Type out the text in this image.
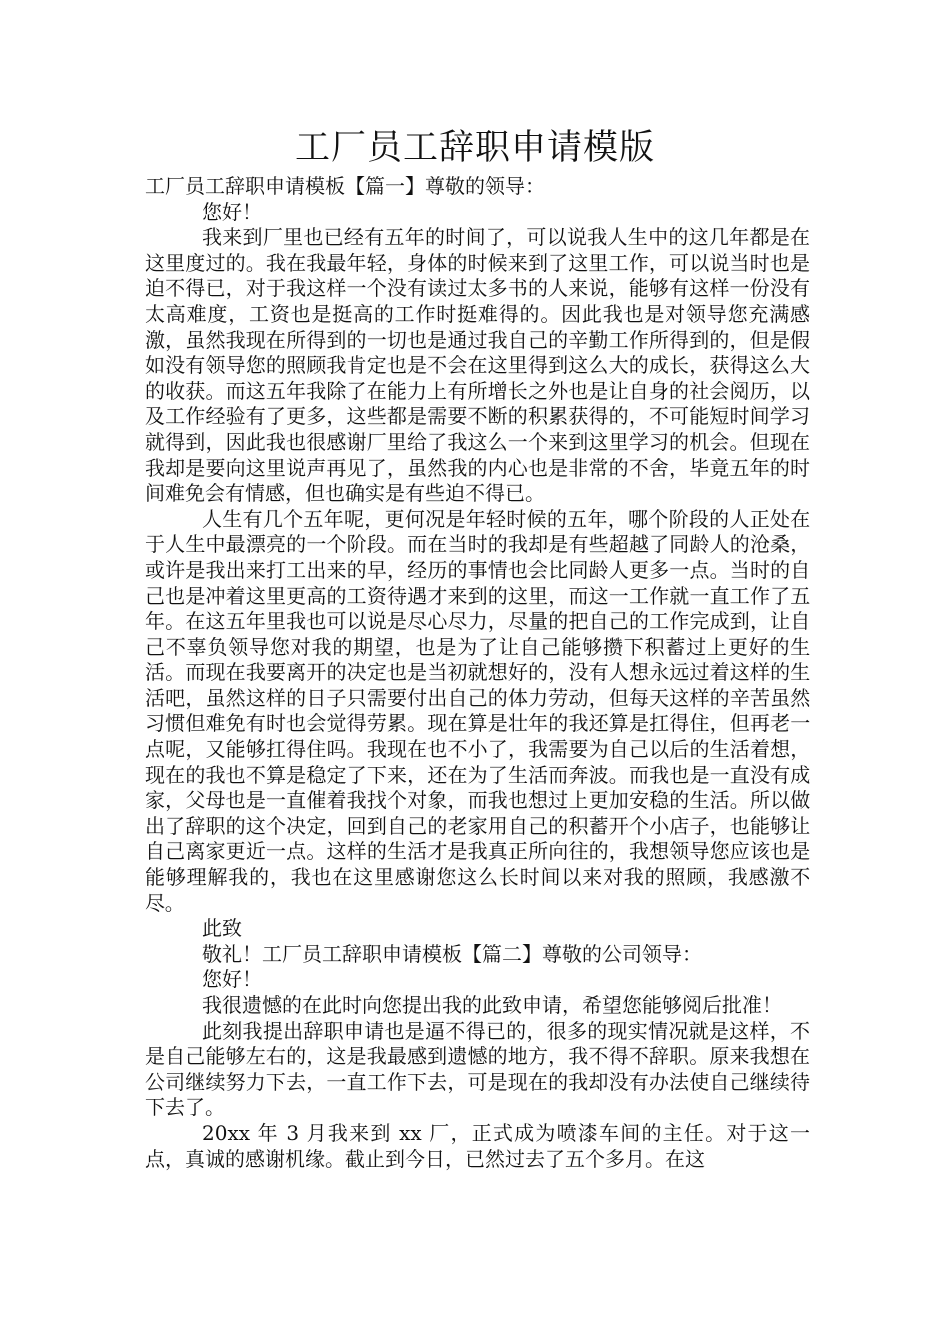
工厂员工辞职申请模版

工厂员工辞职申请模板【篇一】尊敬的领导：

您好！

我来到厂里也已经有五年的时间了，可以说我人生中的这几年都是在这里度过的。我在我最年轻，身体的时候来到了这里工作，可以说当时也是迫不得已，对于我这样一个没有读过太多书的人来说，能够有这样一份没有太高难度，工资也是挺高的工作时挺难得的。因此我也是对领导您充满感激，虽然我现在所得到的一切也是通过我自己的辛勤工作所得到的，但是假如没有领导您的照顾我肯定也是不会在这里得到这么大的成长，获得这么大的收获。而这五年我除了在能力上有所增长之外也是让自身的社会阅历，以及工作经验有了更多，这些都是需要不断的积累获得的，不可能短时间学习就得到，因此我也很感谢厂里给了我这么一个来到这里学习的机会。但现在我却是要向这里说声再见了，虽然我的内心也是非常的不舍，毕竟五年的时间难免会有情感，但也确实是有些迫不得已。

人生有几个五年呢，更何况是年轻时候的五年，哪个阶段的人正处在于人生中最漂亮的一个阶段。而在当时的我却是有些超越了同龄人的沧桑，或许是我出来打工出来的早，经历的事情也会比同龄人更多一点。当时的自己也是冲着这里更高的工资待遇才来到的这里，而这一工作就一直工作了五年。在这五年里我也可以说是尽心尽力，尽量的把自己的工作完成到，让自己不辜负领导您对我的期望，也是为了让自己能够攒下积蓄过上更好的生活。而现在我要离开的决定也是当初就想好的，没有人想永远过着这样的生活吧，虽然这样的日子只需要付出自己的体力劳动，但每天这样的辛苦虽然习惯但难免有时也会觉得劳累。现在算是壮年的我还算是扛得住，但再老一点呢，又能够扛得住吗。我现在也不小了，我需要为自己以后的生活着想，现在的我也不算是稳定了下来，还在为了生活而奔波。而我也是一直没有成家，父母也是一直催着我找个对象，而我也想过上更加安稳的生活。所以做出了辞职的这个决定，回到自己的老家用自己的积蓄开个小店子，也能够让自己离家更近一点。这样的生活才是我真正所向往的，我想领导您应该也是能够理解我的，我也在这里感谢您这么长时间以来对我的照顾，我感激不尽。

此致

敬礼！工厂员工辞职申请模板【篇二】尊敬的公司领导：

您好！

我很遗憾的在此时向您提出我的此致申请，希望您能够阅后批准！

此刻我提出辞职申请也是逼不得已的，很多的现实情况就是这样，不是自己能够左右的，这是我最感到遗憾的地方，我不得不辞职。原来我想在公司继续努力下去，一直工作下去，可是现在的我却没有办法使自己继续待下去了。

20xx 年 3 月我来到 xx 厂，正式成为喷漆车间的主任。对于这一点，真诚的感谢机缘。截止到今日，已然过去了五个多月。在这
